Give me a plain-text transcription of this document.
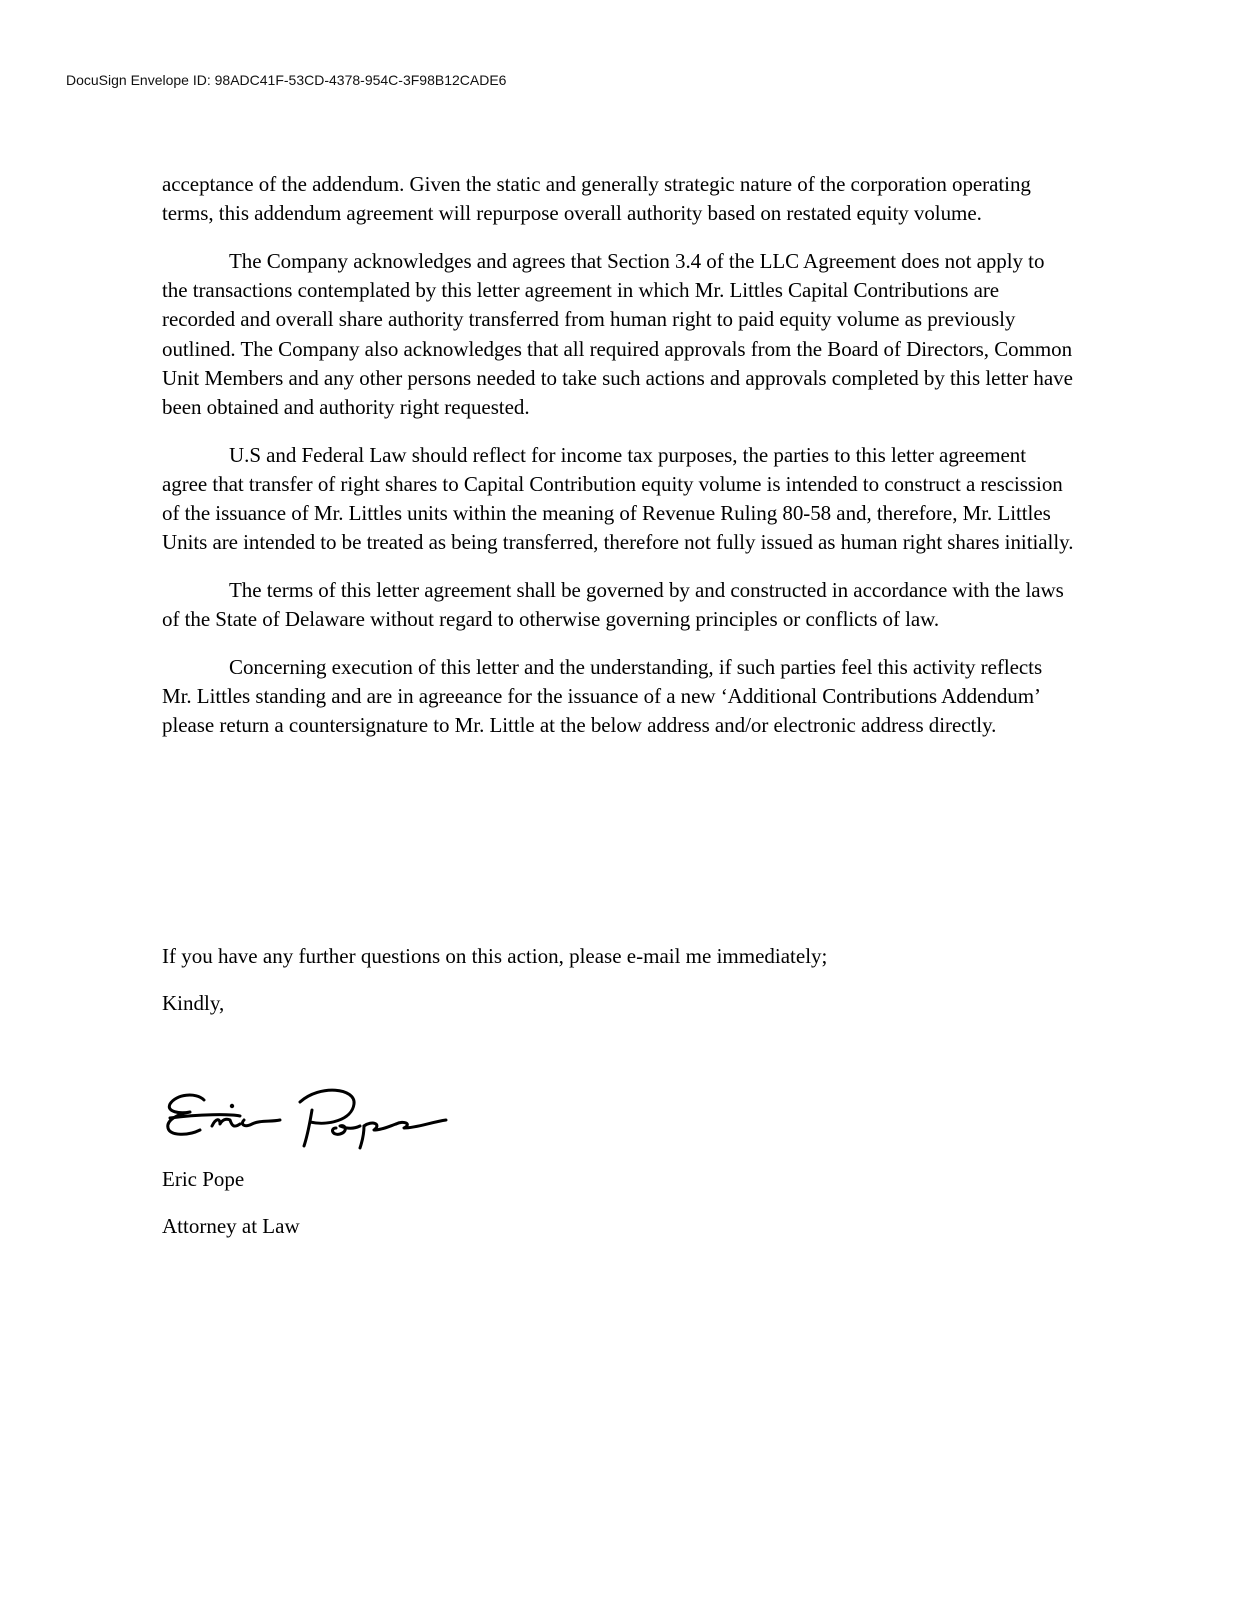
DocuSign Envelope ID: 98ADC41F-53CD-4378-954C-3F98B12CADE6

acceptance of the addendum. Given the static and generally strategic nature of the corporation operating terms, this addendum agreement will repurpose overall authority based on restated equity volume.

The Company acknowledges and agrees that Section 3.4 of the LLC Agreement does not apply to the transactions contemplated by this letter agreement in which Mr. Littles Capital Contributions are recorded and overall share authority transferred from human right to paid equity volume as previously outlined. The Company also acknowledges that all required approvals from the Board of Directors, Common Unit Members and any other persons needed to take such actions and approvals completed by this letter have been obtained and authority right requested.

U.S and Federal Law should reflect for income tax purposes, the parties to this letter agreement agree that transfer of right shares to Capital Contribution equity volume is intended to construct a rescission of the issuance of Mr. Littles units within the meaning of Revenue Ruling 80-58 and, therefore, Mr. Littles Units are intended to be treated as being transferred, therefore not fully issued as human right shares initially.

The terms of this letter agreement shall be governed by and constructed in accordance with the laws of the State of Delaware without regard to otherwise governing principles or conflicts of law.

Concerning execution of this letter and the understanding, if such parties feel this activity reflects Mr. Littles standing and are in agreeance for the issuance of a new ‘Additional Contributions Addendum’ please return a countersignature to Mr. Little at the below address and/or electronic address directly.

If you have any further questions on this action, please e-mail me immediately;

Kindly,

Eric Pope

Attorney at Law
